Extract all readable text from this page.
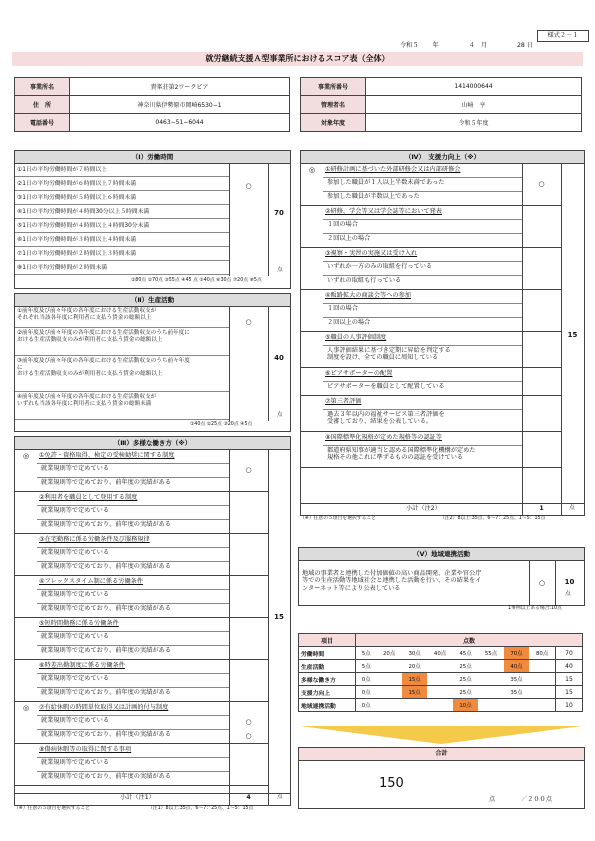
様式２－１
令和５ 年	４ 月	28 日
就労継続支援Ａ型事業所におけるスコア表（全体）
事業所名	貴峯荘第2ワークピア
住　所	神奈川県伊勢原市岡崎6530−1
電話番号	0463−51−6044
事業所番号	1414000644
管理者名	山﨑　亨
対象年度	令和５年度
（Ⅰ）労働時間
①1日の平均労働時間が７時間以上
②1日の平均労働時間が６時間以上７時間未満
③1日の平均労働時間が５時間以上６時間未満
④1日の平均労働時間が４時間30分以上５時間未満
⑤1日の平均労働時間が４時間以上４時間30分未満
⑥1日の平均労働時間が３時間以上４時間未満
⑦1日の平均労働時間が２時間以上３時間未満
⑧1日の平均労働時間が２時間未満
○
70
点
①80点 ②70点 ③55点 ④45 点 ⑤40点 ⑥30点 ⑦20点 ⑧5点
（Ⅱ）生産活動
①前年度及び前々年度の各年度における生産活動収支が
それぞれ当該各年度に利用者に支払う賃金の総額以上
②前年度及び前々年度の各年度における生産活動収支のうち前年度に
おける生産活動収支のみが利用者に支払う賃金の総額以上
③前年度及び前々年度の各年度における生産活動収支のうち前々年度
に
おける生産活動収支のみが利用者に支払う賃金の総額以上
④前年度及び前々年度の各年度における生産活動収支が
いずれも当該各年度に利用者に支払う賃金の総額未満
○
40
点
①40点 ②25点 ③20点 ④5点
（Ⅲ）多様な働き方（※）
◎	①免許・資格取得、検定の受検勧奨に関する制度
就業規則等で定めている	○
就業規則等で定めており、前年度の実績がある
②利用者を職員として登用する制度
就業規則等で定めている
就業規則等で定めており、前年度の実績がある
③在宅勤務に係る労働条件及び服務規律
就業規則等で定めている
就業規則等で定めており、前年度の実績がある
④フレックスタイム制に係る労働条件
就業規則等で定めている
就業規則等で定めており、前年度の実績がある
⑤短時間勤務に係る労働条件
就業規則等で定めている
就業規則等で定めており、前年度の実績がある
⑥時差出勤制度に係る労働条件
就業規則等で定めている
就業規則等で定めており、前年度の実績がある
◎	⑦有給休暇の時間単位取得又は計画的付与制度
就業規則等で定めている	○
就業規則等で定めており、前年度の実績がある	○
⑧傷病休暇等の取得に関する事項
就業規則等で定めている
就業規則等で定めており、前年度の実績がある
15
小計（注1）	4	点
（※）任意の５項目を選択すること	（注1）8以上:35点、6～7：25点、1～5：15点
（Ⅳ）　支援力向上（※）
◎	①研修計画に基づいた外部研修会又は内部研修会
参加した職員が１人以上半数未満であった	○
参加した職員が半数以上であった
②研修、学会等又は学会誌等において発表
１回の場合
２回以上の場合
③視察・実習の実施又は受け入れ
いずれか一方のみの取組を行っている
いずれの取組も行っている
④販路拡大の商談会等への参加
１回の場合
２回以上の場合
⑤職員の人事評価制度
人事評価結果に基づき定期に昇給を判定する
制度を設け、全ての職員に周知している
⑥ピアサポーターの配置
ピアサポーターを職員として配置している
⑦第三者評価
過去３年以内の福祉サービス第三者評価を
受審しており、結果を公表している。
⑧国際標準化規格が定めた規格等の認証等
都道府県知事が適当と認める国際標準化機構が定めた
規格その他これに準ずるものの認証を受けている
15
小計（注2）	1	点
（※）任意の５項目を選択すること	（注2）8以上:35点、6～7：25点、1～5：15点
（Ⅴ）地域連携活動
地域の事業者と連携した付加価値の高い商品開発、企業や官公庁
等での生産活動等地域社会と連携した活動を行い、その結果をイ
ンターネット等により公表している
○	10
点
1事例以上ある場合:10点
項目	点数								
労働時間	5点	20点	30点	40点	45点	55点	70点	80点	70
生産活動	5点		20点		25点		40点		40
多様な働き方	0点		15点		25点		35点		15
支援力向上	0点		15点		25点		35点		15
地域連携活動	0点				10点				10
合計
150
点	／２００点
